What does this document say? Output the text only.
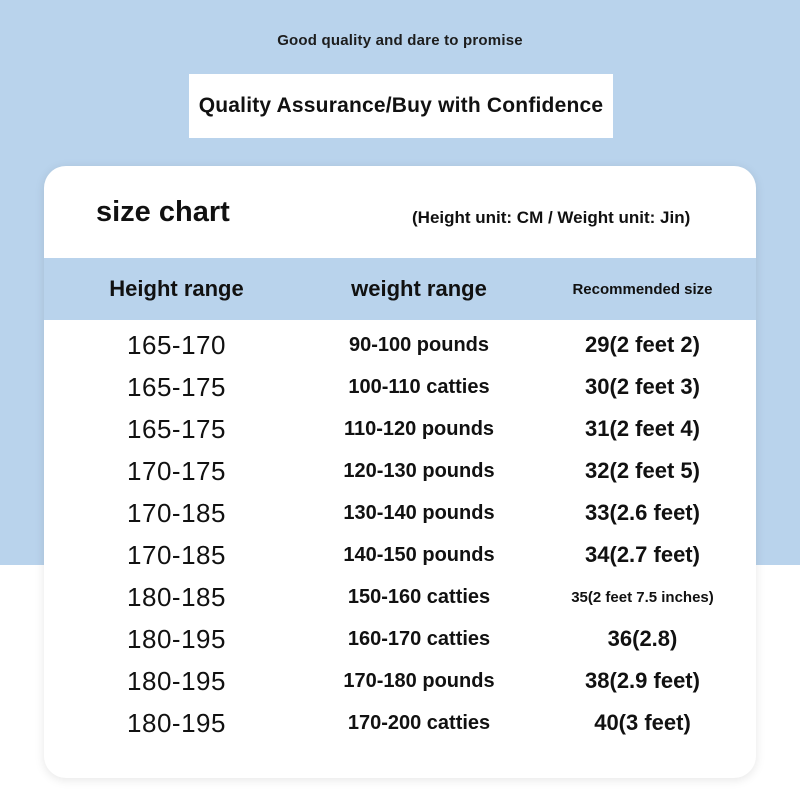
Good quality and dare to promise
Quality Assurance/Buy with Confidence
size chart	(Height unit: CM / Weight unit: Jin)
Height range	weight range	Recommended size
165-170	90-100 pounds	29(2 feet 2)
165-175	100-110 catties	30(2 feet 3)
165-175	110-120 pounds	31(2 feet 4)
170-175	120-130 pounds	32(2 feet 5)
170-185	130-140 pounds	33(2.6 feet)
170-185	140-150 pounds	34(2.7 feet)
180-185	150-160 catties	35(2 feet 7.5 inches)
180-195	160-170 catties	36(2.8)
180-195	170-180 pounds	38(2.9 feet)
180-195	170-200 catties	40(3 feet)
